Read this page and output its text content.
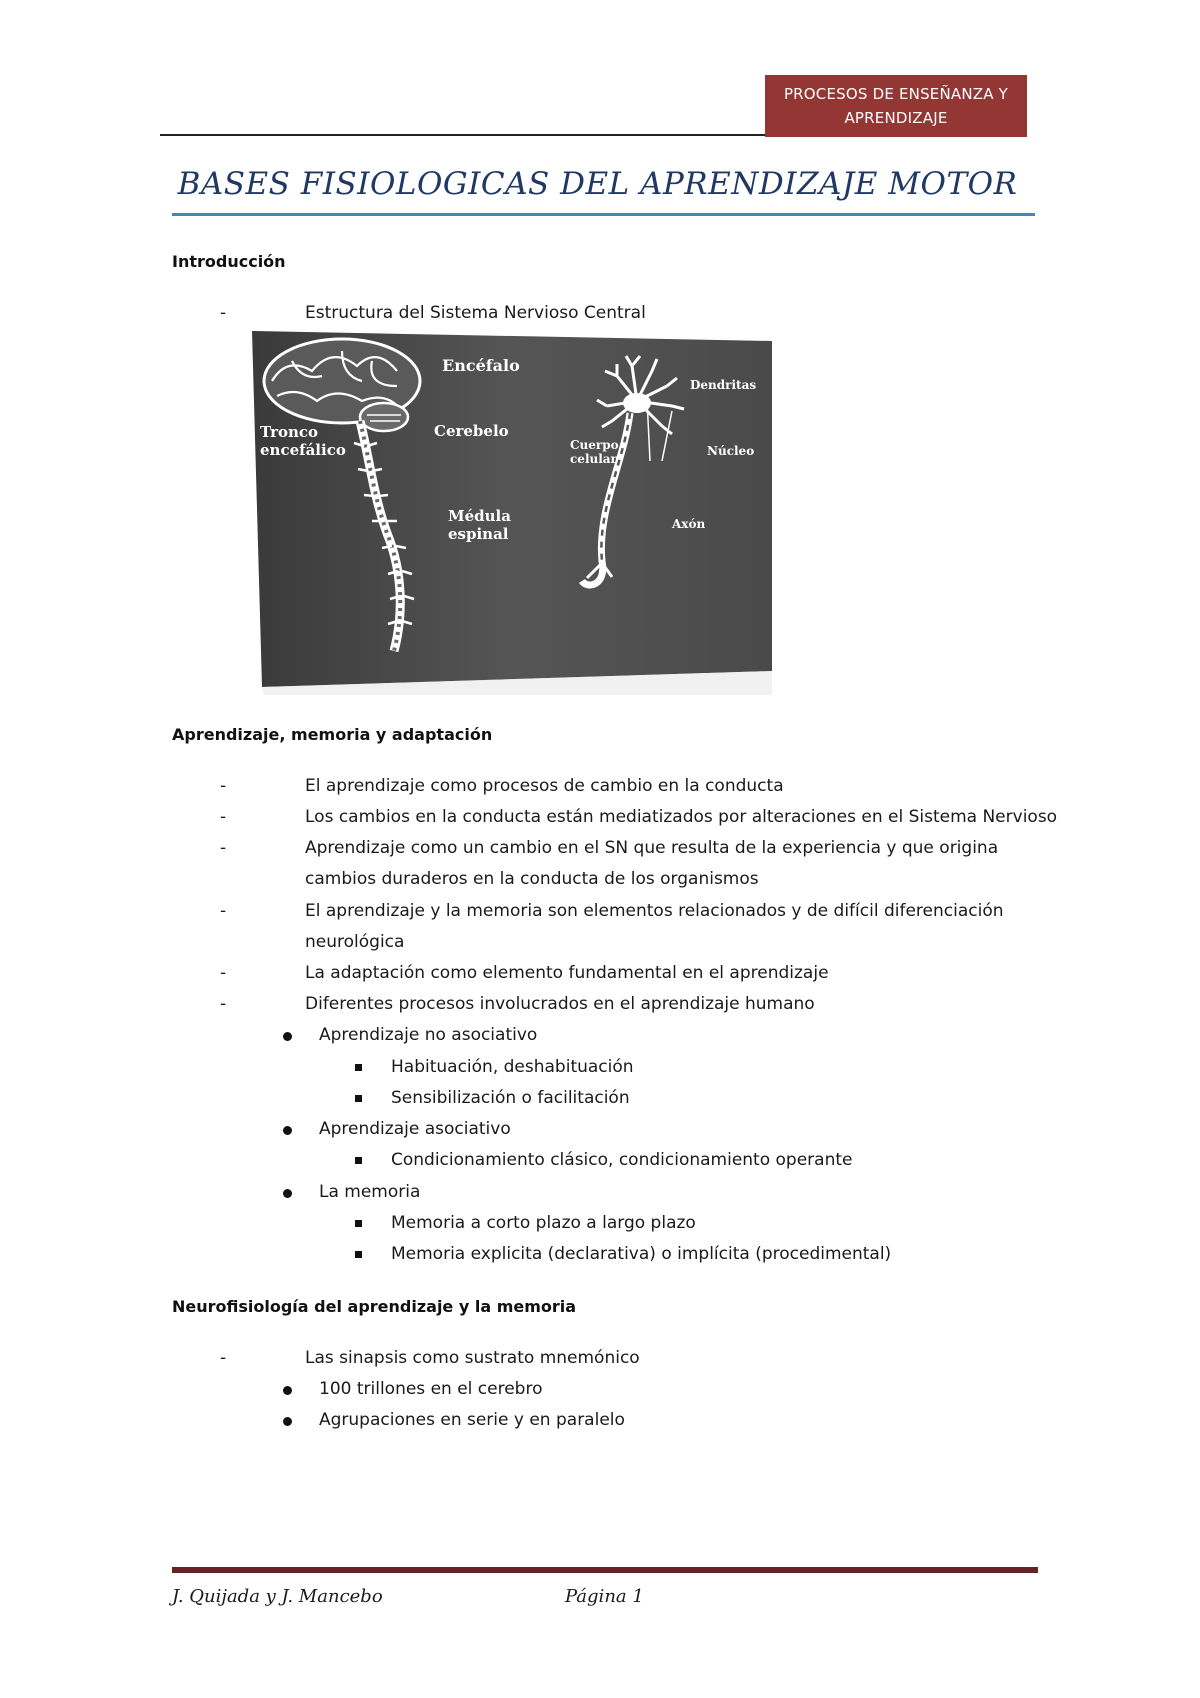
PROCESOS DE ENSEÑANZA Y
APRENDIZAJE
BASES FISIOLOGICAS DEL APRENDIZAJE MOTOR
Introducción
-	Estructura del Sistema Nervioso Central
Encéfalo
Cerebelo
Tronco
encefálico
Médula
espinal
Dendritas
Cuerpo
celular
Núcleo
Axón
Aprendizaje, memoria y adaptación
-	El aprendizaje como procesos de cambio en la conducta
-	Los cambios en la conducta están mediatizados por alteraciones en el Sistema Nervioso
-	Aprendizaje como un cambio en el SN que resulta de la experiencia y que origina cambios duraderos en la conducta de los organismos
-	El aprendizaje y la memoria son elementos relacionados y de difícil diferenciación neurológica
-	La adaptación como elemento fundamental en el aprendizaje
-	Diferentes procesos involucrados en el aprendizaje humano
Aprendizaje no asociativo
Habituación, deshabituación
Sensibilización o facilitación
Aprendizaje asociativo
Condicionamiento clásico, condicionamiento operante
La memoria
Memoria a corto plazo a largo plazo
Memoria explicita (declarativa) o implícita (procedimental)
Neurofisiología del aprendizaje y la memoria
-	Las sinapsis como sustrato mnemónico
100 trillones en el cerebro
Agrupaciones en serie y en paralelo
J. Quijada y J. Mancebo	Página 1
